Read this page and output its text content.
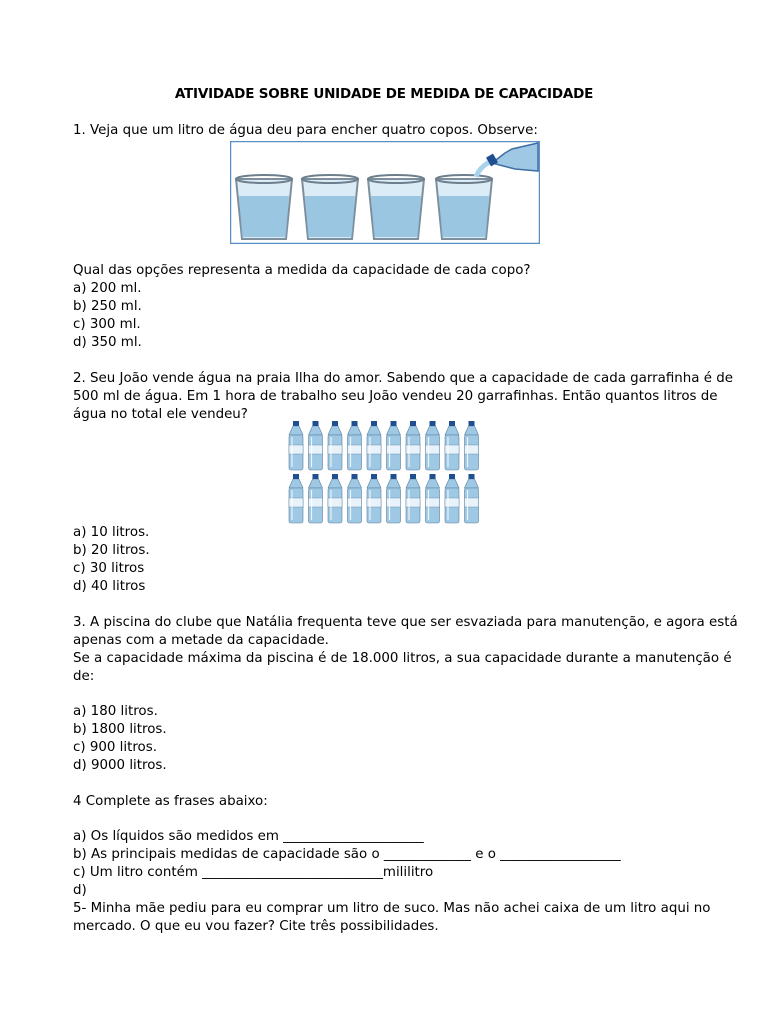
ATIVIDADE SOBRE UNIDADE DE MEDIDA DE CAPACIDADE
1. Veja que um litro de água deu para encher quatro copos. Observe:
Qual das opções representa a medida da capacidade de cada copo?
a) 200 ml.
b) 250 ml.
c) 300 ml.
d) 350 ml.
2. Seu João vende água na praia Ilha do amor. Sabendo que a capacidade de cada garrafinha é de
500 ml de água. Em 1 hora de trabalho seu João vendeu 20 garrafinhas. Então quantos litros de
água no total ele vendeu?
a) 10 litros.
b) 20 litros.
c) 30 litros
d) 40 litros
3. A piscina do clube que Natália frequenta teve que ser esvaziada para manutenção, e agora está
apenas com a metade da capacidade.
Se a capacidade máxima da piscina é de 18.000 litros, a sua capacidade durante a manutenção é
de:
a) 180 litros.
b) 1800 litros.
c) 900 litros.
d) 9000 litros.
4 Complete as frases abaixo:
a) Os líquidos são medidos em _____________________
b) As principais medidas de capacidade são o _____________ e o __________________
c) Um litro contém ___________________________mililitro
d)
5- Minha mãe pediu para eu comprar um litro de suco. Mas não achei caixa de um litro aqui no
mercado. O que eu vou fazer? Cite três possibilidades.
